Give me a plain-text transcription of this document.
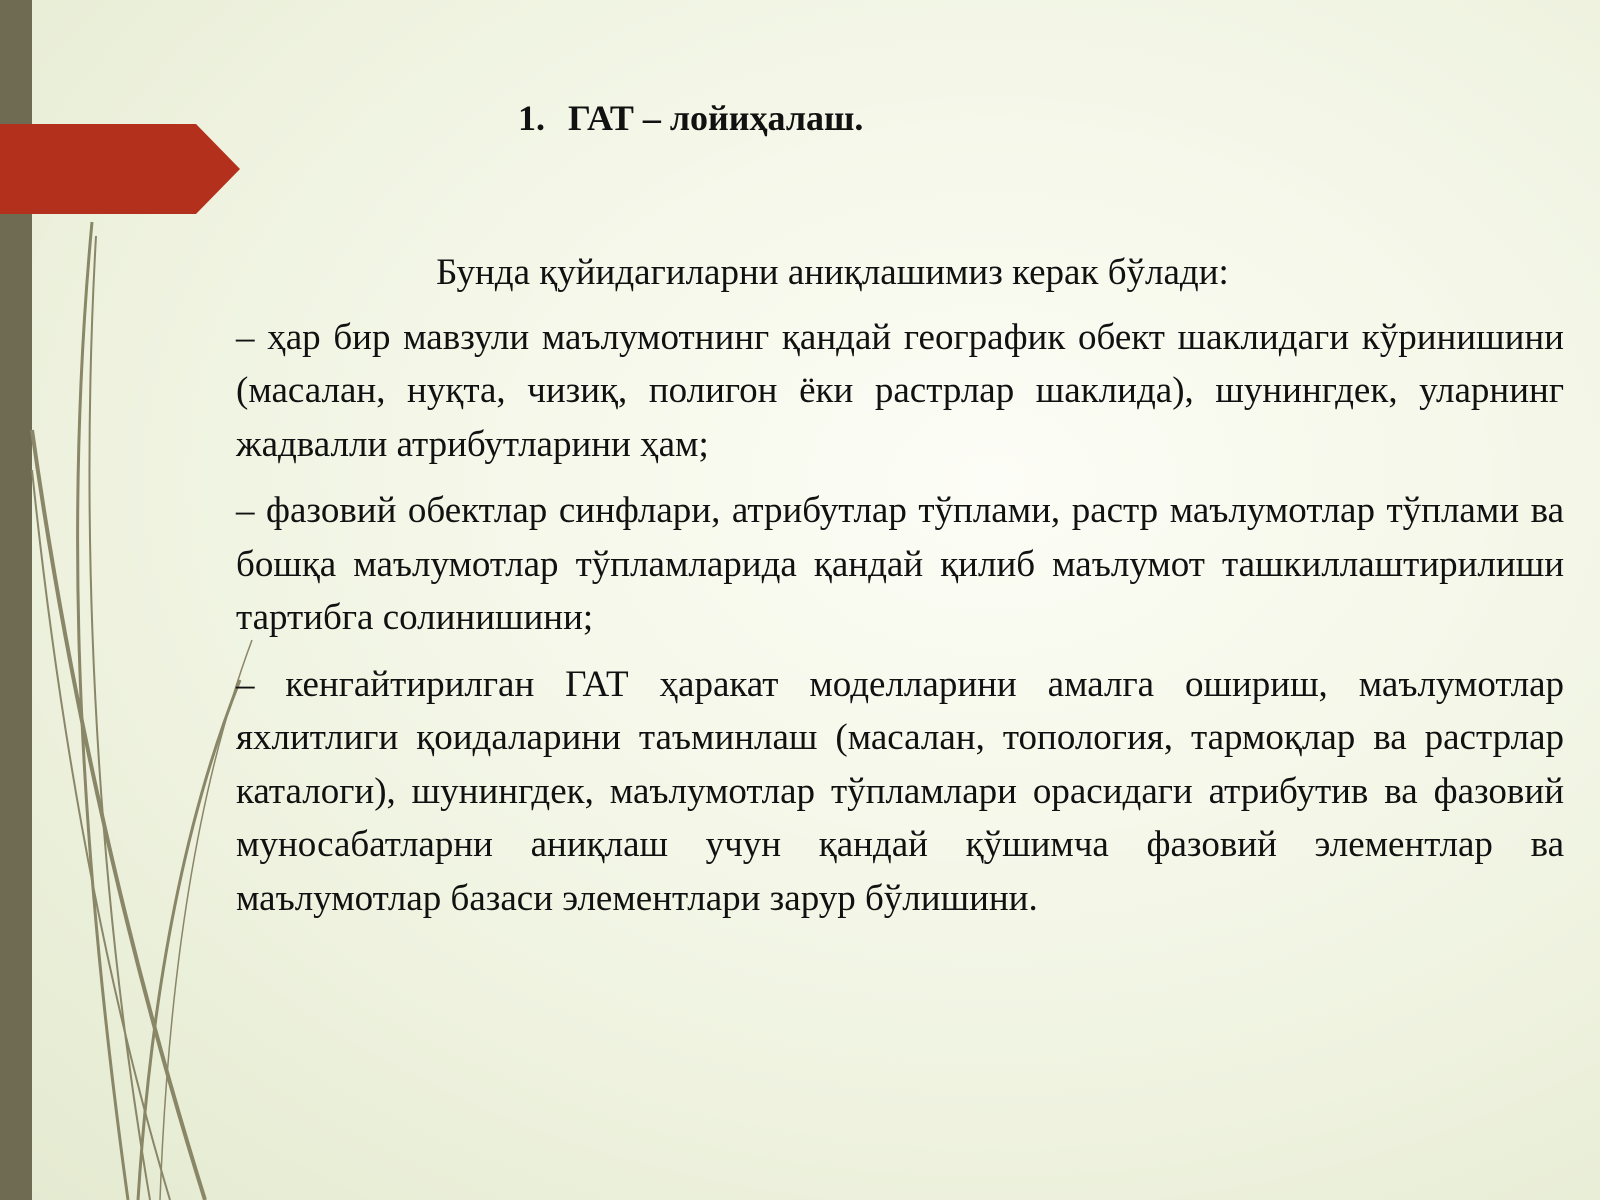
1. ГАТ – лойиҳалаш.

Бунда қуйидагиларни аниқлашимиз керак бўлади:

– ҳар бир мавзули маълумотнинг қандай географик обект шаклидаги кўринишини (масалан, нуқта, чизиқ, полигон ёки растрлар шаклида), шунингдек, уларнинг жадвалли атрибутларини ҳам;

– фазовий обектлар синфлари, атрибутлар тўплами, растр маълумотлар тўплами ва бошқа маълумотлар тўпламларида қандай қилиб маълумот ташкиллаштирилиши тартибга солинишини;

– кенгайтирилган ГАТ ҳаракат моделларини амалга ошириш, маълумотлар яхлитлиги қоидаларини таъминлаш (масалан, топология, тармоқлар ва растрлар каталоги), шунингдек, маълумотлар тўпламлари орасидаги атрибутив ва фазовий муносабатларни аниқлаш учун қандай қўшимча фазовий элементлар ва маълумотлар базаси элементлари зарур бўлишини.
